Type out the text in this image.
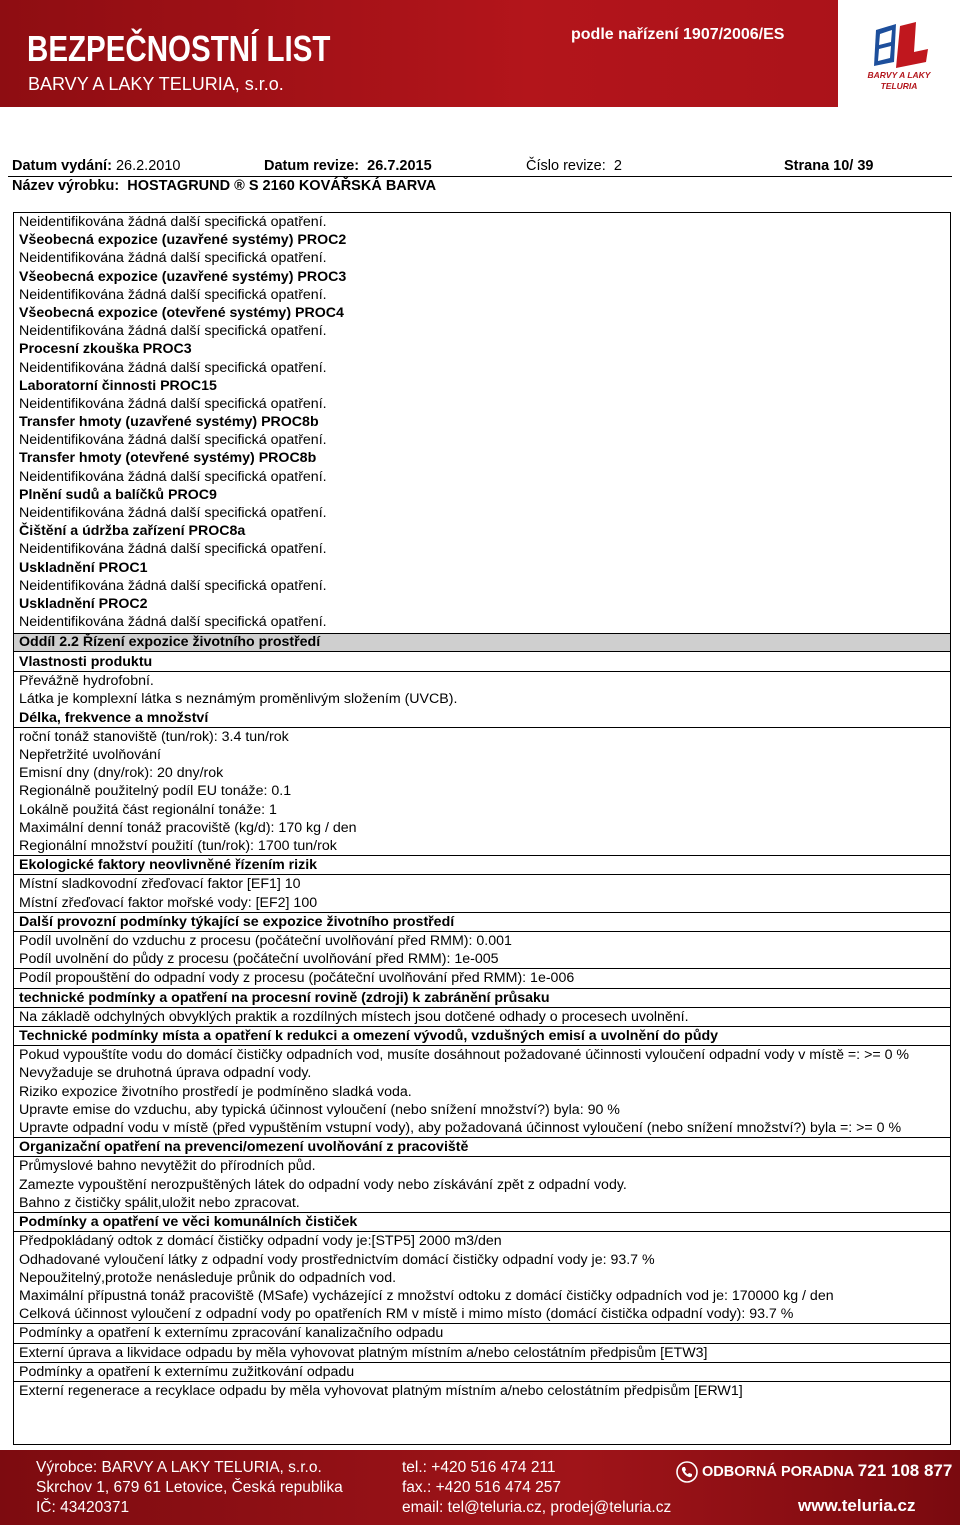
BEZPEČNOSTNÍ LIST
BARVY A LAKY TELURIA, s.r.o.
podle nařízení 1907/2006/ES
BARVY A LAKY
TELURIA
Datum vydání: 26.2.2010	Datum revize: 26.7.2015	Číslo revize: 2	Strana 10/ 39
Název výrobku: HOSTAGRUND ® S 2160 KOVÁŘSKÁ BARVA
Neidentifikována žádná další specifická opatření.
Všeobecná expozice (uzavřené systémy) PROC2
Neidentifikována žádná další specifická opatření.
Všeobecná expozice (uzavřené systémy) PROC3
Neidentifikována žádná další specifická opatření.
Všeobecná expozice (otevřené systémy) PROC4
Neidentifikována žádná další specifická opatření.
Procesní zkouška PROC3
Neidentifikována žádná další specifická opatření.
Laboratorní činnosti PROC15
Neidentifikována žádná další specifická opatření.
Transfer hmoty (uzavřené systémy) PROC8b
Neidentifikována žádná další specifická opatření.
Transfer hmoty (otevřené systémy) PROC8b
Neidentifikována žádná další specifická opatření.
Plnění sudů a balíčků PROC9
Neidentifikována žádná další specifická opatření.
Čištění a údržba zařízení PROC8a
Neidentifikována žádná další specifická opatření.
Uskladnění PROC1
Neidentifikována žádná další specifická opatření.
Uskladnění PROC2
Neidentifikována žádná další specifická opatření.
Oddíl 2.2 Řízení expozice životního prostředí
Vlastnosti produktu
Převážně hydrofobní.
Látka je komplexní látka s neznámým proměnlivým složením (UVCB).
Délka, frekvence a množství
roční tonáž stanoviště (tun/rok): 3.4 tun/rok
Nepřetržité uvolňování
Emisní dny (dny/rok): 20 dny/rok
Regionálně použitelný podíl EU tonáže: 0.1
Lokálně použitá část regionální tonáže: 1
Maximální denní tonáž pracoviště (kg/d): 170 kg / den
Regionální množství použití (tun/rok): 1700 tun/rok
Ekologické faktory neovlivněné řízením rizik
Místní sladkovodní zřeďovací faktor [EF1] 10
Místní zřeďovací faktor mořské vody: [EF2] 100
Další provozní podmínky týkající se expozice životního prostředí
Podíl uvolnění do vzduchu z procesu (počáteční uvolňování před RMM): 0.001
Podíl uvolnění do půdy z procesu (počáteční uvolňování před RMM): 1e-005
Podíl propouštění do odpadní vody z procesu (počáteční uvolňování před RMM): 1e-006
technické podmínky a opatření na procesní rovině (zdroji) k zabránění průsaku
Na základě odchylných obvyklých praktik a rozdílných místech jsou dotčené odhady o procesech uvolnění.
Technické podmínky místa a opatření k redukci a omezení vývodů, vzdušných emisí a uvolnění do půdy
Pokud vypouštíte vodu do domácí čističky odpadních vod, musíte dosáhnout požadované účinnosti vyloučení odpadní vody v místě =: >= 0 %
Nevyžaduje se druhotná úprava odpadní vody.
Riziko expozice životního prostředí je podmíněno sladká voda.
Upravte emise do vzduchu, aby typická účinnost vyloučení (nebo snížení množství?) byla: 90 %
Upravte odpadní vodu v místě (před vypuštěním vstupní vody), aby požadovaná účinnost vyloučení (nebo snížení množství?) byla =: >= 0 %
Organizační opatření na prevenci/omezení uvolňování z pracoviště
Průmyslové bahno nevytěžit do přírodních půd.
Zamezte vypouštění nerozpuštěných látek do odpadní vody nebo získávání zpět z odpadní vody.
Bahno z čističky spálit,uložit nebo zpracovat.
Podmínky a opatření ve věci komunálních čističek
Předpokládaný odtok z domácí čističky odpadní vody je:[STP5] 2000 m3/den
Odhadované vyloučení látky z odpadní vody prostřednictvím domácí čističky odpadní vody je: 93.7 %
Nepoužitelný,protože nenásleduje průnik do odpadních vod.
Maximální přípustná tonáž pracoviště (MSafe) vycházející z množství odtoku z domácí čističky odpadních vod je: 170000 kg / den
Celková účinnost vyloučení z odpadní vody po opatřeních RM v místě i mimo místo (domácí čistička odpadní vody): 93.7 %
Podmínky a opatření k externímu zpracování kanalizačního odpadu
Externí úprava a likvidace odpadu by měla vyhovovat platným místním a/nebo celostátním předpisům [ETW3]
Podmínky a opatření k externímu zužitkování odpadu
Externí regenerace a recyklace odpadu by měla vyhovovat platným místním a/nebo celostátním předpisům [ERW1]
Výrobce: BARVY A LAKY TELURIA, s.r.o.
Skrchov 1, 679 61 Letovice, Česká republika
IČ: 43420371
tel.: +420 516 474 211
fax.: +420 516 474 257
email: tel@teluria.cz, prodej@teluria.cz
ODBORNÁ PORADNA 721 108 877
www.teluria.cz
